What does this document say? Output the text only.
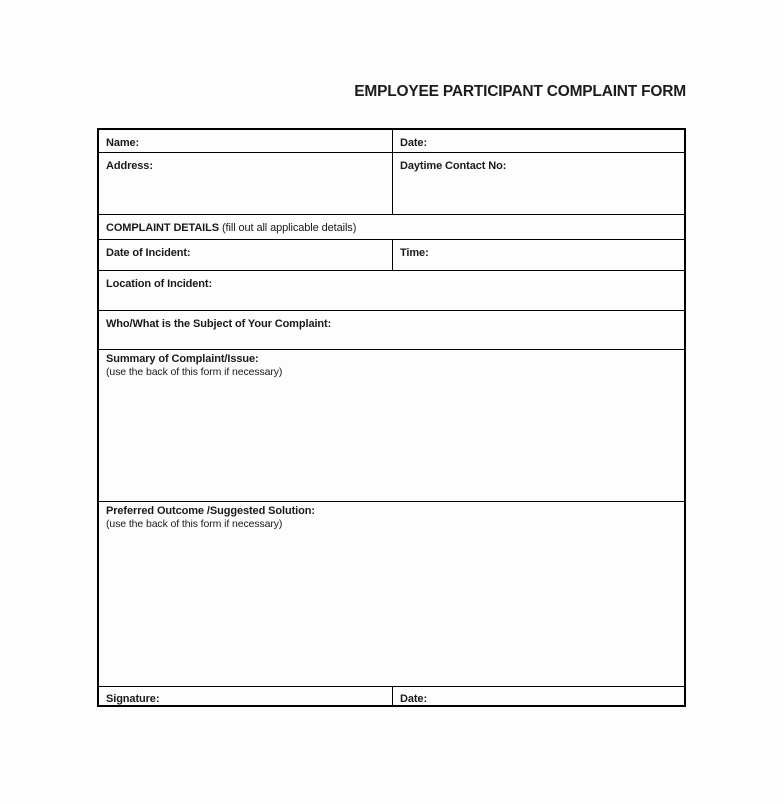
EMPLOYEE PARTICIPANT COMPLAINT FORM
Name:	Date:
Address:	Daytime Contact No:
COMPLAINT DETAILS (fill out all applicable details)
Date of Incident:	Time:
Location of Incident:
Who/What is the Subject of Your Complaint:
Summary of Complaint/Issue:
(use the back of this form if necessary)
Preferred Outcome /Suggested Solution:
(use the back of this form if necessary)
Signature:	Date:
